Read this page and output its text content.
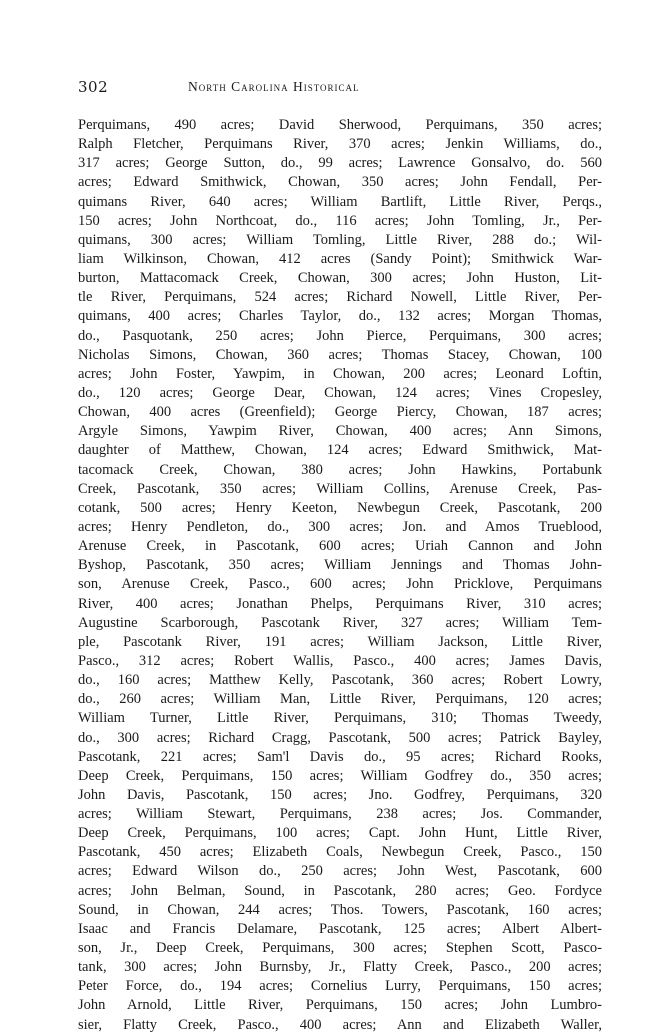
302	North Carolina Historical
Perquimans, 490 acres; David Sherwood, Perquimans, 350 acres;
Ralph Fletcher, Perquimans River, 370 acres; Jenkin Williams, do.,
317 acres; George Sutton, do., 99 acres; Lawrence Gonsalvo, do. 560
acres; Edward Smithwick, Chowan, 350 acres; John Fendall, Per-
quimans River, 640 acres; William Bartlift, Little River, Perqs.,
150 acres; John Northcoat, do., 116 acres; John Tomling, Jr., Per-
quimans, 300 acres; William Tomling, Little River, 288 do.; Wil-
liam Wilkinson, Chowan, 412 acres (Sandy Point); Smithwick War-
burton, Mattacomack Creek, Chowan, 300 acres; John Huston, Lit-
tle River, Perquimans, 524 acres; Richard Nowell, Little River, Per-
quimans, 400 acres; Charles Taylor, do., 132 acres; Morgan Thomas,
do., Pasquotank, 250 acres; John Pierce, Perquimans, 300 acres;
Nicholas Simons, Chowan, 360 acres; Thomas Stacey, Chowan, 100
acres; John Foster, Yawpim, in Chowan, 200 acres; Leonard Loftin,
do., 120 acres; George Dear, Chowan, 124 acres; Vines Cropesley,
Chowan, 400 acres (Greenfield); George Piercy, Chowan, 187 acres;
Argyle Simons, Yawpim River, Chowan, 400 acres; Ann Simons,
daughter of Matthew, Chowan, 124 acres; Edward Smithwick, Mat-
tacomack Creek, Chowan, 380 acres; John Hawkins, Portabunk
Creek, Pascotank, 350 acres; William Collins, Arenuse Creek, Pas-
cotank, 500 acres; Henry Keeton, Newbegun Creek, Pascotank, 200
acres; Henry Pendleton, do., 300 acres; Jon. and Amos Trueblood,
Arenuse Creek, in Pascotank, 600 acres; Uriah Cannon and John
Byshop, Pascotank, 350 acres; William Jennings and Thomas John-
son, Arenuse Creek, Pasco., 600 acres; John Pricklove, Perquimans
River, 400 acres; Jonathan Phelps, Perquimans River, 310 acres;
Augustine Scarborough, Pascotank River, 327 acres; William Tem-
ple, Pascotank River, 191 acres; William Jackson, Little River,
Pasco., 312 acres; Robert Wallis, Pasco., 400 acres; James Davis,
do., 160 acres; Matthew Kelly, Pascotank, 360 acres; Robert Lowry,
do., 260 acres; William Man, Little River, Perquimans, 120 acres;
William Turner, Little River, Perquimans, 310; Thomas Tweedy,
do., 300 acres; Richard Cragg, Pascotank, 500 acres; Patrick Bayley,
Pascotank, 221 acres; Sam'l Davis do., 95 acres; Richard Rooks,
Deep Creek, Perquimans, 150 acres; William Godfrey do., 350 acres;
John Davis, Pascotank, 150 acres; Jno. Godfrey, Perquimans, 320
acres; William Stewart, Perquimans, 238 acres; Jos. Commander,
Deep Creek, Perquimans, 100 acres; Capt. John Hunt, Little River,
Pascotank, 450 acres; Elizabeth Coals, Newbegun Creek, Pasco., 150
acres; Edward Wilson do., 250 acres; John West, Pascotank, 600
acres; John Belman, Sound, in Pascotank, 280 acres; Geo. Fordyce
Sound, in Chowan, 244 acres; Thos. Towers, Pascotank, 160 acres;
Isaac and Francis Delamare, Pascotank, 125 acres; Albert Albert-
son, Jr., Deep Creek, Perquimans, 300 acres; Stephen Scott, Pasco-
tank, 300 acres; John Burnsby, Jr., Flatty Creek, Pasco., 200 acres;
Peter Force, do., 194 acres; Cornelius Lurry, Perquimans, 150 acres;
John Arnold, Little River, Perquimans, 150 acres; John Lumbro-
sier, Flatty Creek, Pasco., 400 acres; Ann and Elizabeth Waller,
